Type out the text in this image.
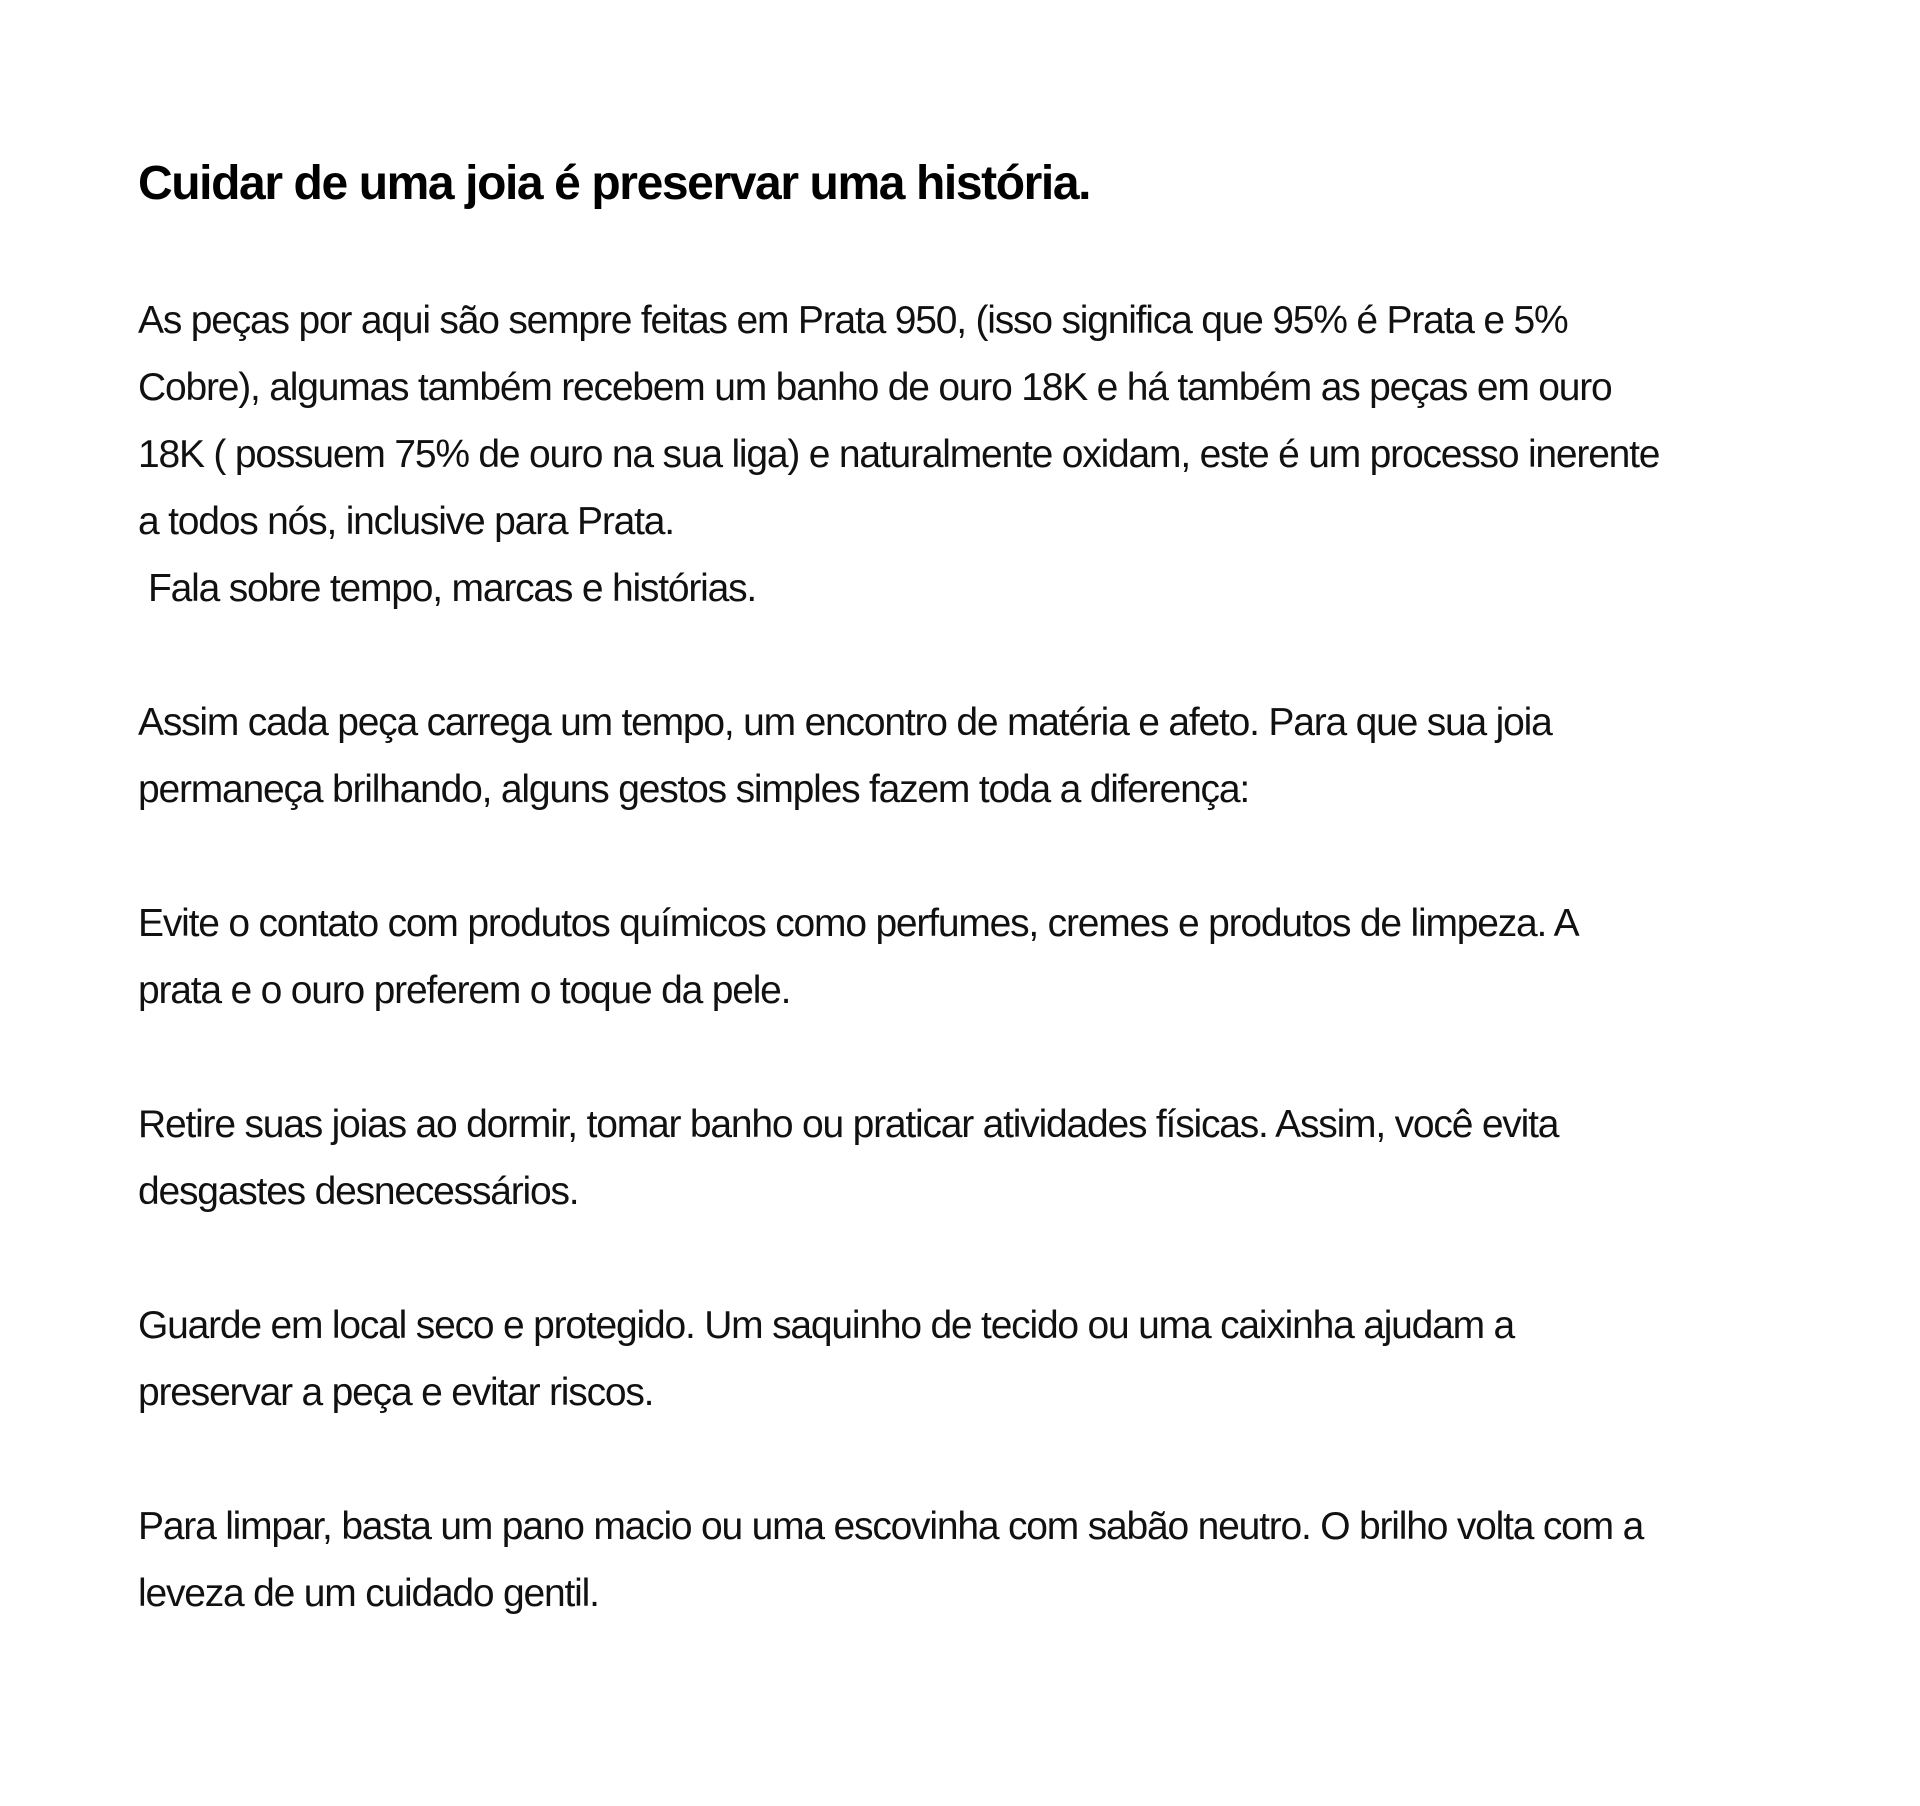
Cuidar de uma joia é preservar uma história.

As peças por aqui são sempre feitas em Prata 950, (isso significa que 95% é Prata e 5%
Cobre), algumas também recebem um banho de ouro 18K e há também as peças em ouro
18K ( possuem 75% de ouro na sua liga) e naturalmente oxidam, este é um processo inerente
a todos nós, inclusive para Prata.
Fala sobre tempo, marcas e histórias.

Assim cada peça carrega um tempo, um encontro de matéria e afeto. Para que sua joia
permaneça brilhando, alguns gestos simples fazem toda a diferença:

Evite o contato com produtos químicos como perfumes, cremes e produtos de limpeza. A
prata e o ouro preferem o toque da pele.

Retire suas joias ao dormir, tomar banho ou praticar atividades físicas. Assim, você evita
desgastes desnecessários.

Guarde em local seco e protegido. Um saquinho de tecido ou uma caixinha ajudam a
preservar a peça e evitar riscos.

Para limpar, basta um pano macio ou uma escovinha com sabão neutro. O brilho volta com a
leveza de um cuidado gentil.
